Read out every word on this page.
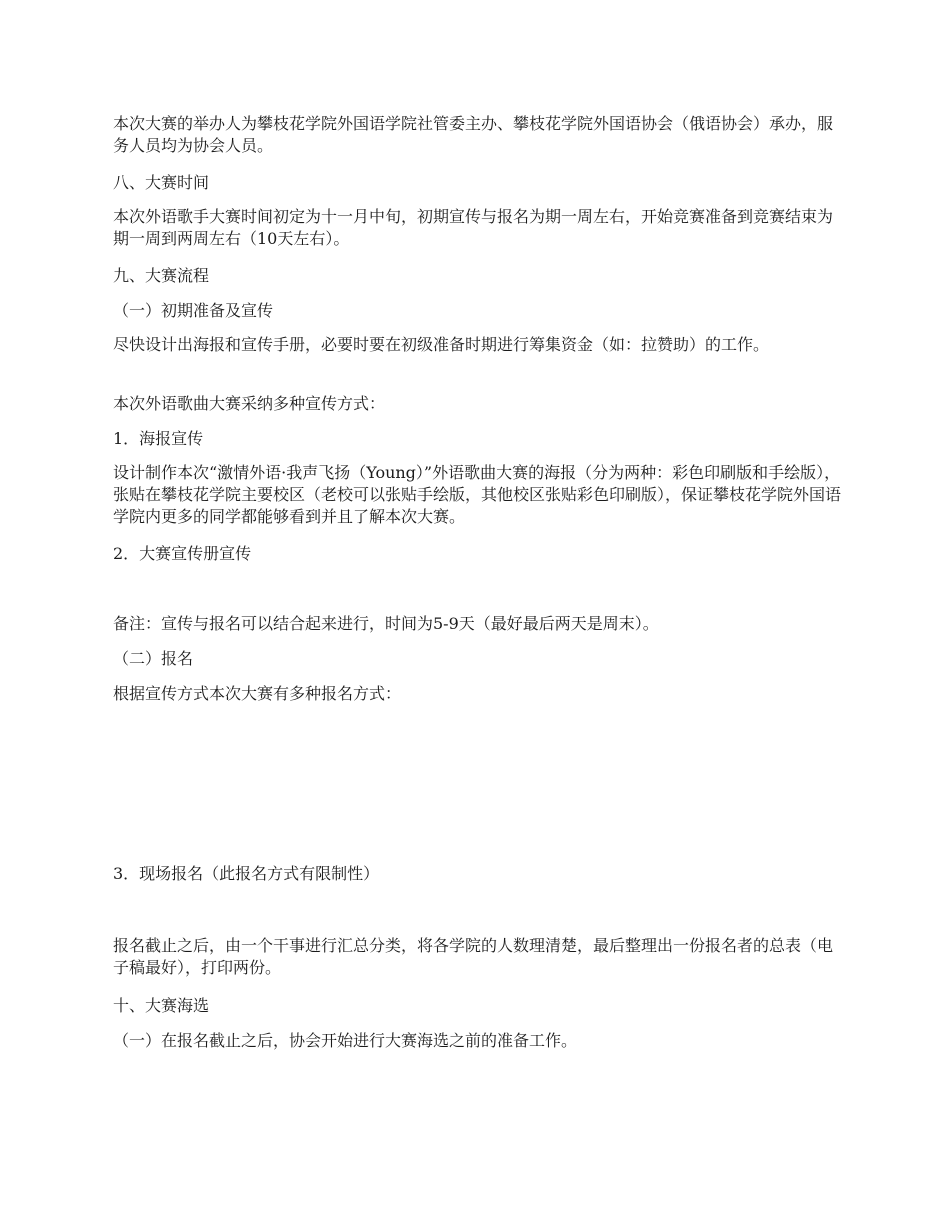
本次大赛的举办人为攀枝花学院外国语学院社管委主办、攀枝花学院外国语协会（俄语协会）承办，服务人员均为协会人员。

八、大赛时间

本次外语歌手大赛时间初定为十一月中旬，初期宣传与报名为期一周左右，开始竞赛准备到竞赛结束为期一周到两周左右（10天左右）。

九、大赛流程

（一）初期准备及宣传

尽快设计出海报和宣传手册，必要时要在初级准备时期进行筹集资金（如：拉赞助）的工作。

本次外语歌曲大赛采纳多种宣传方式：

1．海报宣传

设计制作本次“激情外语·我声飞扬（Young）”外语歌曲大赛的海报（分为两种：彩色印刷版和手绘版），张贴在攀枝花学院主要校区（老校可以张贴手绘版，其他校区张贴彩色印刷版），保证攀枝花学院外国语学院内更多的同学都能够看到并且了解本次大赛。

2．大赛宣传册宣传

备注：宣传与报名可以结合起来进行，时间为5-9天（最好最后两天是周末）。

（二）报名

根据宣传方式本次大赛有多种报名方式：

3．现场报名（此报名方式有限制性）

报名截止之后，由一个干事进行汇总分类，将各学院的人数理清楚，最后整理出一份报名者的总表（电子稿最好），打印两份。

十、大赛海选

（一）在报名截止之后，协会开始进行大赛海选之前的准备工作。
